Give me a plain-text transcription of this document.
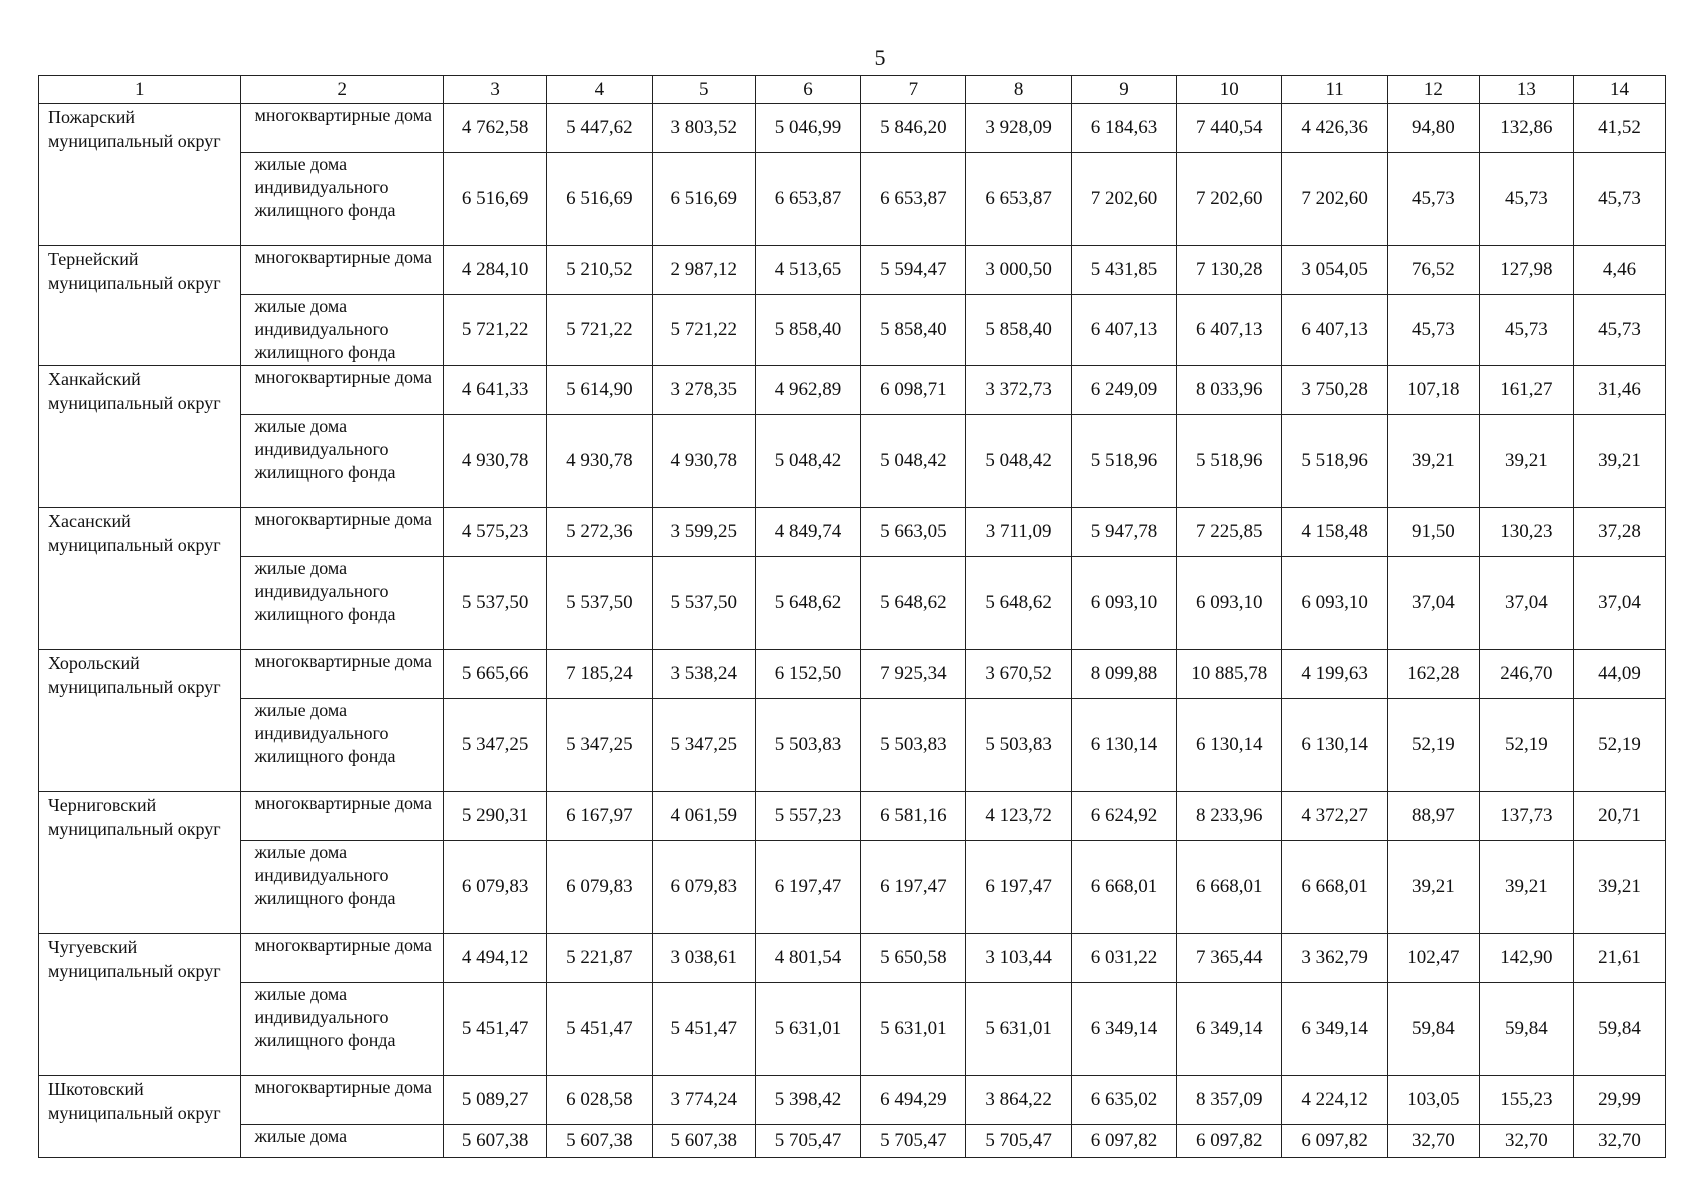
5
1	2	3	4	5	6	7	8	9	10	11	12	13	14
Пожарский муниципальный округ	многоквартирные дома	4 762,58	5 447,62	3 803,52	5 046,99	5 846,20	3 928,09	6 184,63	7 440,54	4 426,36	94,80	132,86	41,52
	жилые дома индивидуального жилищного фонда	6 516,69	6 516,69	6 516,69	6 653,87	6 653,87	6 653,87	7 202,60	7 202,60	7 202,60	45,73	45,73	45,73
Тернейский муниципальный округ	многоквартирные дома	4 284,10	5 210,52	2 987,12	4 513,65	5 594,47	3 000,50	5 431,85	7 130,28	3 054,05	76,52	127,98	4,46
	жилые дома индивидуального жилищного фонда	5 721,22	5 721,22	5 721,22	5 858,40	5 858,40	5 858,40	6 407,13	6 407,13	6 407,13	45,73	45,73	45,73
Ханкайский муниципальный округ	многоквартирные дома	4 641,33	5 614,90	3 278,35	4 962,89	6 098,71	3 372,73	6 249,09	8 033,96	3 750,28	107,18	161,27	31,46
	жилые дома индивидуального жилищного фонда	4 930,78	4 930,78	4 930,78	5 048,42	5 048,42	5 048,42	5 518,96	5 518,96	5 518,96	39,21	39,21	39,21
Хасанский муниципальный округ	многоквартирные дома	4 575,23	5 272,36	3 599,25	4 849,74	5 663,05	3 711,09	5 947,78	7 225,85	4 158,48	91,50	130,23	37,28
	жилые дома индивидуального жилищного фонда	5 537,50	5 537,50	5 537,50	5 648,62	5 648,62	5 648,62	6 093,10	6 093,10	6 093,10	37,04	37,04	37,04
Хорольский муниципальный округ	многоквартирные дома	5 665,66	7 185,24	3 538,24	6 152,50	7 925,34	3 670,52	8 099,88	10 885,78	4 199,63	162,28	246,70	44,09
	жилые дома индивидуального жилищного фонда	5 347,25	5 347,25	5 347,25	5 503,83	5 503,83	5 503,83	6 130,14	6 130,14	6 130,14	52,19	52,19	52,19
Черниговский муниципальный округ	многоквартирные дома	5 290,31	6 167,97	4 061,59	5 557,23	6 581,16	4 123,72	6 624,92	8 233,96	4 372,27	88,97	137,73	20,71
	жилые дома индивидуального жилищного фонда	6 079,83	6 079,83	6 079,83	6 197,47	6 197,47	6 197,47	6 668,01	6 668,01	6 668,01	39,21	39,21	39,21
Чугуевский муниципальный округ	многоквартирные дома	4 494,12	5 221,87	3 038,61	4 801,54	5 650,58	3 103,44	6 031,22	7 365,44	3 362,79	102,47	142,90	21,61
	жилые дома индивидуального жилищного фонда	5 451,47	5 451,47	5 451,47	5 631,01	5 631,01	5 631,01	6 349,14	6 349,14	6 349,14	59,84	59,84	59,84
Шкотовский муниципальный округ	многоквартирные дома	5 089,27	6 028,58	3 774,24	5 398,42	6 494,29	3 864,22	6 635,02	8 357,09	4 224,12	103,05	155,23	29,99
	жилые дома	5 607,38	5 607,38	5 607,38	5 705,47	5 705,47	5 705,47	6 097,82	6 097,82	6 097,82	32,70	32,70	32,70
